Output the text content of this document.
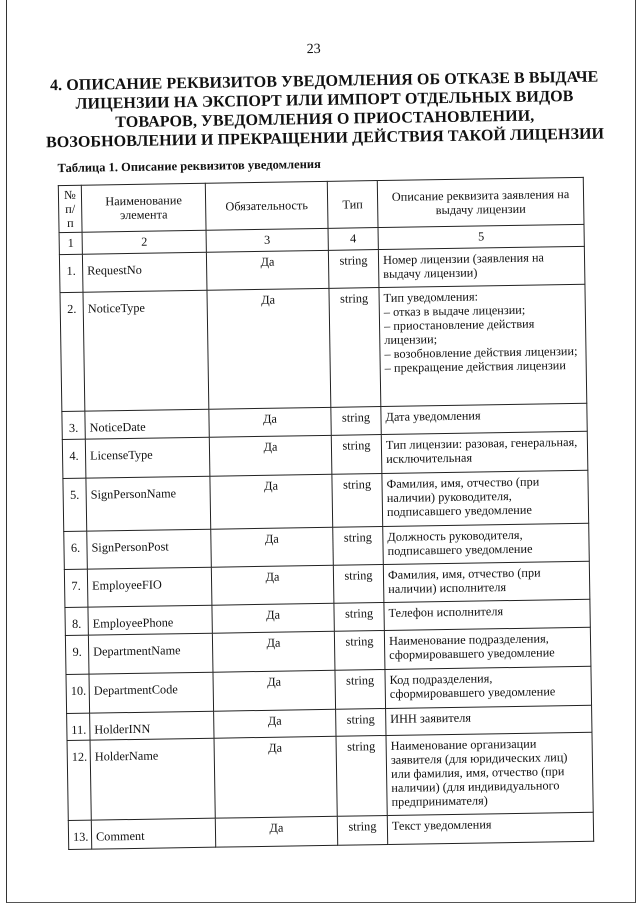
23
4. ОПИСАНИЕ РЕКВИЗИТОВ УВЕДОМЛЕНИЯ ОБ ОТКАЗЕ В ВЫДАЧЕ ЛИЦЕНЗИИ НА ЭКСПОРТ ИЛИ ИМПОРТ ОТДЕЛЬНЫХ ВИДОВ ТОВАРОВ, УВЕДОМЛЕНИЯ О ПРИОСТАНОВЛЕНИИ, ВОЗОБНОВЛЕНИИ И ПРЕКРАЩЕНИИ ДЕЙСТВИЯ ТАКОЙ ЛИЦЕНЗИИ
Таблица 1. Описание реквизитов уведомления
№ п/п	Наименование элемента	Обязательность	Тип	Описание реквизита заявления на выдачу лицензии
1	2	3	4	5
1.	RequestNo	Да	string	Номер лицензии (заявления на выдачу лицензии)
2.	NoticeType	Да	string	Тип уведомления:
– отказ в выдаче лицензии;
– приостановление действия лицензии;
– возобновление действия лицензии;
– прекращение действия лицензии
3.	NoticeDate	Да	string	Дата уведомления
4.	LicenseType	Да	string	Тип лицензии: разовая, генеральная, исключительная
5.	SignPersonName	Да	string	Фамилия, имя, отчество (при наличии) руководителя, подписавшего уведомление
6.	SignPersonPost	Да	string	Должность руководителя, подписавшего уведомление
7.	EmployeeFIO	Да	string	Фамилия, имя, отчество (при наличии) исполнителя
8.	EmployeePhone	Да	string	Телефон исполнителя
9.	DepartmentName	Да	string	Наименование подразделения, сформировавшего уведомление
10.	DepartmentCode	Да	string	Код подразделения, сформировавшего уведомление
11.	HolderINN	Да	string	ИНН заявителя
12.	HolderName	Да	string	Наименование организации заявителя (для юридических лиц) или фамилия, имя, отчество (при наличии) (для индивидуального предпринимателя)
13.	Comment	Да	string	Текст уведомления
